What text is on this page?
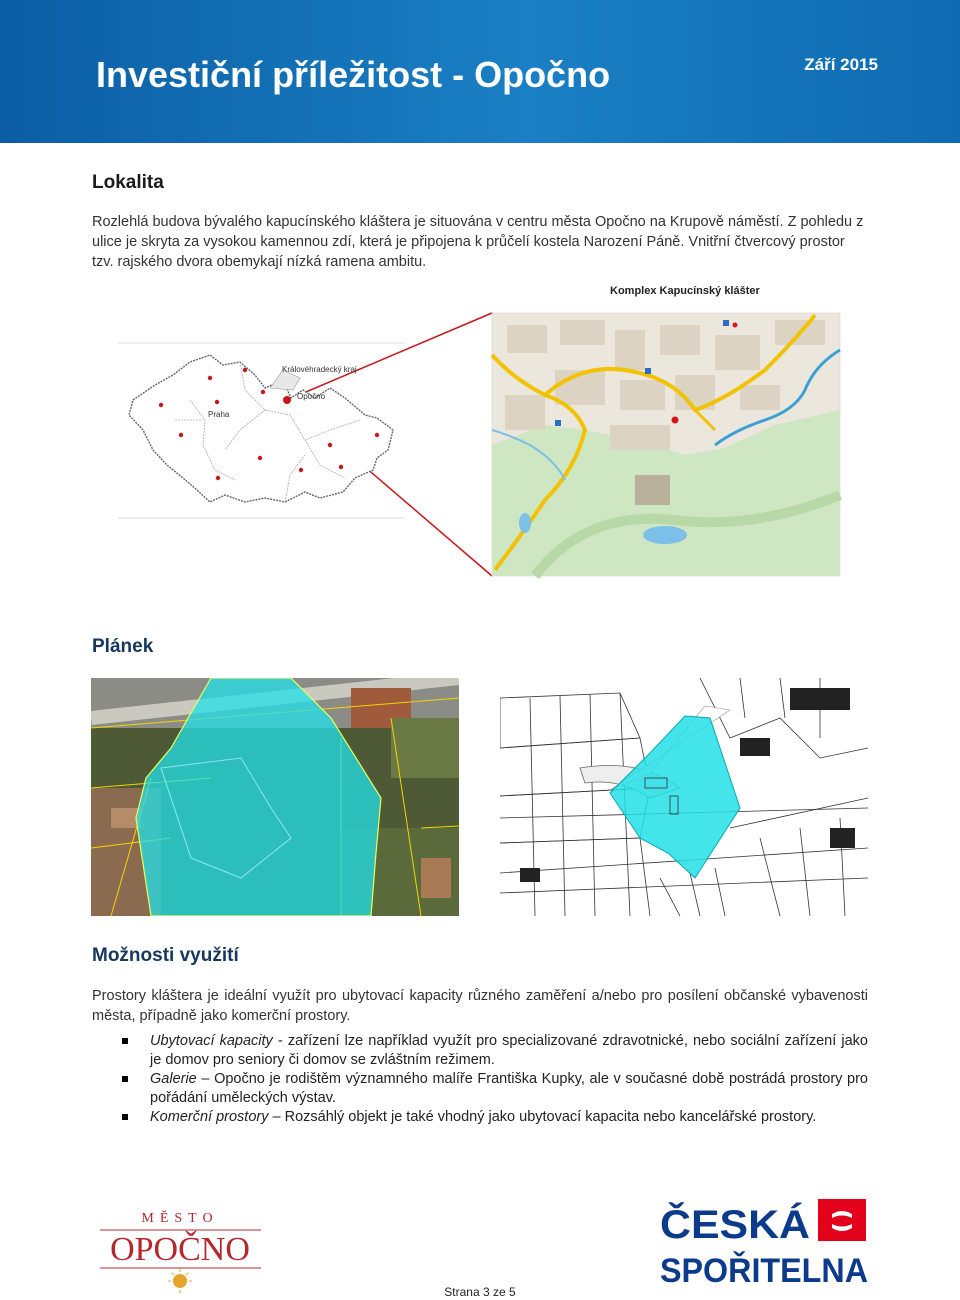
Investiční příležitost - Opočno	Září 2015
Lokalita
Rozlehlá budova bývalého kapucínského kláštera je situována v centru města Opočno na Krupově náměstí. Z pohledu z ulice je skryta za vysokou kamennou zdí, která je připojena k průčelí kostela Narození Páně. Vnitřní čtvercový prostor tzv. rajského dvora obemykají nízká ramena ambitu.
Královéhradecký kraj
Praha
Opočno
Komplex Kapucínský klášter
Plánek
Možnosti využití
Prostory kláštera je ideální využít pro ubytovací kapacity různého zaměření a/nebo pro posílení občanské vybavenosti města, případně jako komerční prostory.
Ubytovací kapacity - zařízení lze například využít pro specializované zdravotnické, nebo sociální zařízení jako je domov pro seniory či domov se zvláštním režimem.
Galerie – Opočno je rodištěm významného malíře Františka Kupky, ale v současné době postrádá prostory pro pořádání uměleckých výstav.
Komerční prostory – Rozsáhlý objekt je také vhodný jako ubytovací kapacita nebo kancelářské prostory.
MĚSTO
OPOČNO
ČESKÁ
SPOŘITELNA
Strana 3 ze 5
